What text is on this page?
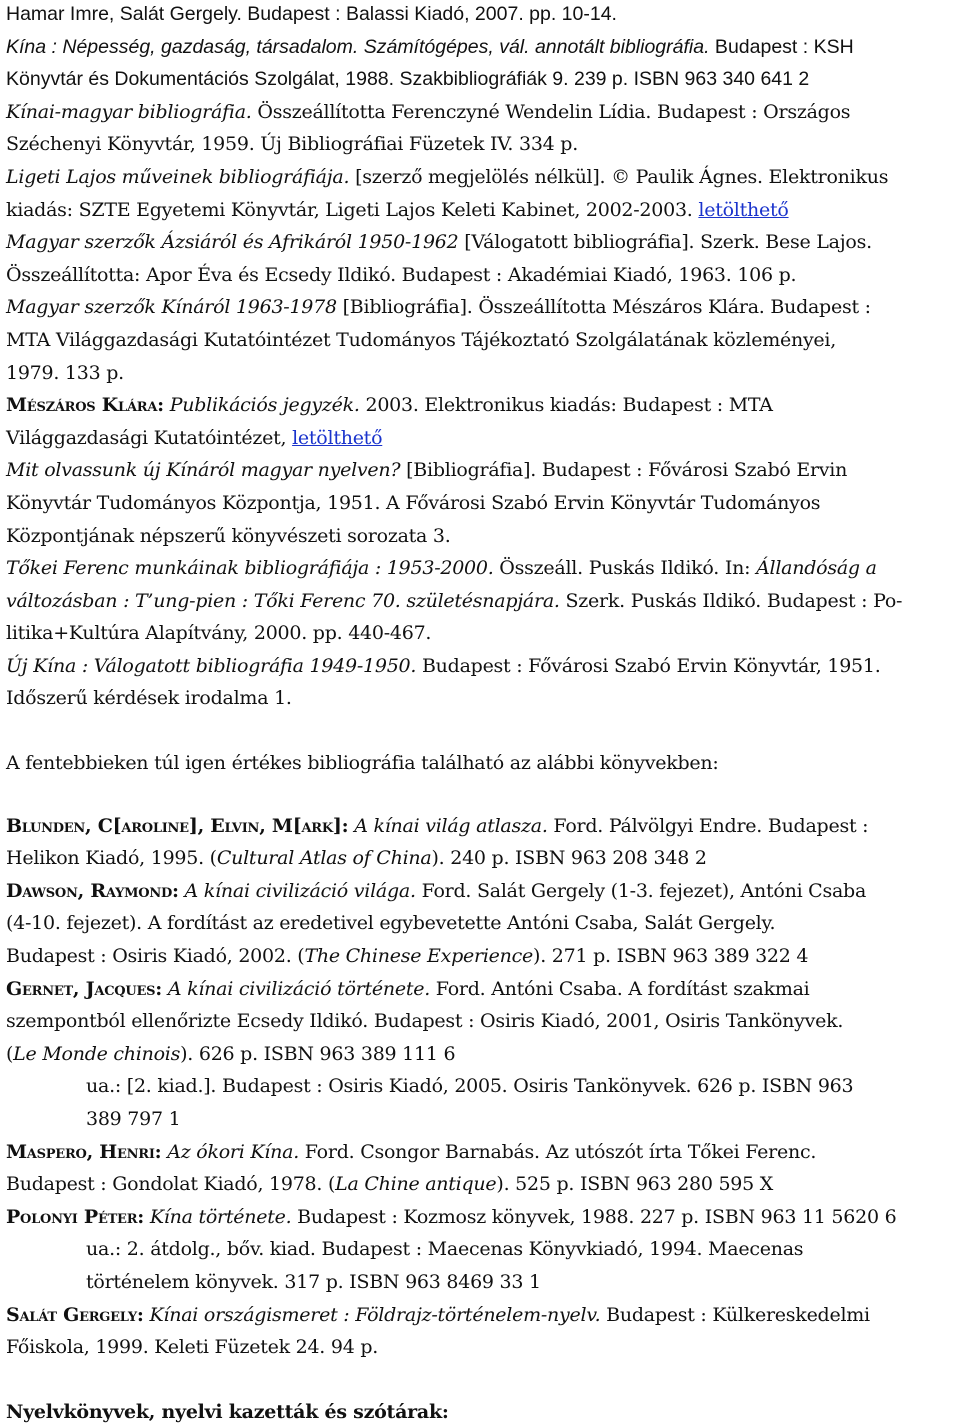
Hamar Imre, Salát Gergely. Budapest : Balassi Kiadó, 2007. pp. 10-14.
Kína : Népesség, gazdaság, társadalom. Számítógépes, vál. annotált bibliográfia. Budapest : KSH
Könyvtár és Dokumentációs Szolgálat, 1988. Szakbibliográfiák 9. 239 p. ISBN 963 340 641 2
Kínai-magyar bibliográfia. Összeállította Ferenczyné Wendelin Lídia. Budapest : Országos
Széchenyi Könyvtár, 1959. Új Bibliográfiai Füzetek IV. 334 p.
Ligeti Lajos műveinek bibliográfiája. [szerző megjelölés nélkül]. © Paulik Ágnes. Elektronikus
kiadás: SZTE Egyetemi Könyvtár, Ligeti Lajos Keleti Kabinet, 2002-2003. letölthető
Magyar szerzők Ázsiáról és Afrikáról 1950-1962 [Válogatott bibliográfia]. Szerk. Bese Lajos.
Összeállította: Apor Éva és Ecsedy Ildikó. Budapest : Akadémiai Kiadó, 1963. 106 p.
Magyar szerzők Kínáról 1963-1978 [Bibliográfia]. Összeállította Mészáros Klára. Budapest :
MTA Világgazdasági Kutatóintézet Tudományos Tájékoztató Szolgálatának közleményei,
1979. 133 p.
Mészáros Klára: Publikációs jegyzék. 2003. Elektronikus kiadás: Budapest : MTA
Világgazdasági Kutatóintézet, letölthető
Mit olvassunk új Kínáról magyar nyelven? [Bibliográfia]. Budapest : Fővárosi Szabó Ervin
Könyvtár Tudományos Központja, 1951. A Fővárosi Szabó Ervin Könyvtár Tudományos
Központjának népszerű könyvészeti sorozata 3.
Tőkei Ferenc munkáinak bibliográfiája : 1953-2000. Összeáll. Puskás Ildikó. In: Állandóság a
változásban : T’ung-pien : Tőki Ferenc 70. születésnapjára. Szerk. Puskás Ildikó. Budapest : Po-
litika+Kultúra Alapítvány, 2000. pp. 440-467.
Új Kína : Válogatott bibliográfia 1949-1950. Budapest : Fővárosi Szabó Ervin Könyvtár, 1951.
Időszerű kérdések irodalma 1.
A fentebbieken túl igen értékes bibliográfia található az alábbi könyvekben:
Blunden, C[aroline], Elvin, M[ark]: A kínai világ atlasza. Ford. Pálvölgyi Endre. Budapest :
Helikon Kiadó, 1995. (Cultural Atlas of China). 240 p. ISBN 963 208 348 2
Dawson, Raymond: A kínai civilizáció világa. Ford. Salát Gergely (1-3. fejezet), Antóni Csaba
(4-10. fejezet). A fordítást az eredetivel egybevetette Antóni Csaba, Salát Gergely.
Budapest : Osiris Kiadó, 2002. (The Chinese Experience). 271 p. ISBN 963 389 322 4
Gernet, Jacques: A kínai civilizáció története. Ford. Antóni Csaba. A fordítást szakmai
szempontból ellenőrizte Ecsedy Ildikó. Budapest : Osiris Kiadó, 2001, Osiris Tankönyvek.
(Le Monde chinois). 626 p. ISBN 963 389 111 6
ua.: [2. kiad.]. Budapest : Osiris Kiadó, 2005. Osiris Tankönyvek. 626 p. ISBN 963
389 797 1
Maspero, Henri: Az ókori Kína. Ford. Csongor Barnabás. Az utószót írta Tőkei Ferenc.
Budapest : Gondolat Kiadó, 1978. (La Chine antique). 525 p. ISBN 963 280 595 X
Polonyi Péter: Kína története. Budapest : Kozmosz könyvek, 1988. 227 p. ISBN 963 11 5620 6
ua.: 2. átdolg., bőv. kiad. Budapest : Maecenas Könyvkiadó, 1994. Maecenas
történelem könyvek. 317 p. ISBN 963 8469 33 1
Salát Gergely: Kínai országismeret : Földrajz-történelem-nyelv. Budapest : Külkereskedelmi
Főiskola, 1999. Keleti Füzetek 24. 94 p.
Nyelvkönyvek, nyelvi kazetták és szótárak:
